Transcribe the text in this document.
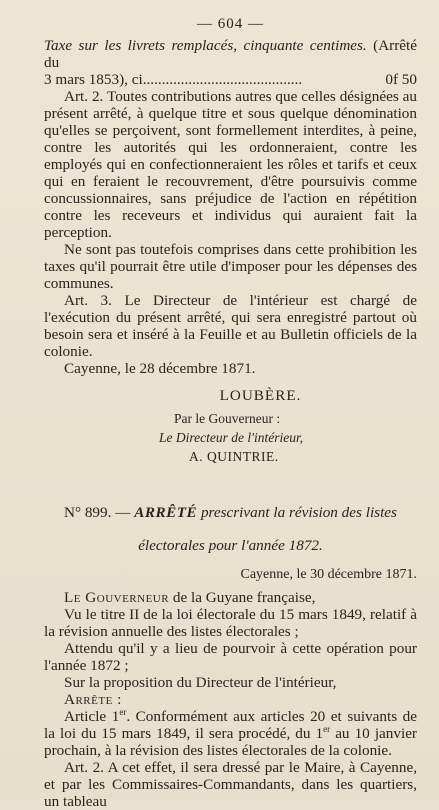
— 604 —

Taxe sur les livrets remplacés, cinquante centimes. (Arrêté du

3 mars 1853), ci ..........................................	0f 50

Art. 2. Toutes contributions autres que celles désignées au présent arrêté, à quelque titre et sous quelque dénomination qu'elles se perçoivent, sont formellement interdites, à peine, contre les autorités qui les ordonneraient, contre les employés qui en confectionneraient les rôles et tarifs et ceux qui en feraient le recouvrement, d'être poursuivis comme concussionnaires, sans préjudice de l'action en répétition contre les receveurs et individus qui auraient fait la perception.

Ne sont pas toutefois comprises dans cette prohibition les taxes qu'il pourrait être utile d'imposer pour les dépenses des communes.

Art. 3. Le Directeur de l'intérieur est chargé de l'exécution du présent arrêté, qui sera enregistré partout où besoin sera et inséré à la Feuille et au Bulletin officiels de la colonie.

Cayenne, le 28 décembre 1871.

LOUBÈRE.

Par le Gouverneur :

Le Directeur de l'intérieur,

A. QUINTRIE.

N° 899. — ARRÊTÉ prescrivant la révision des listes

électorales pour l'année 1872.
Cayenne, le 30 décembre 1871.

Le Gouverneur de la Guyane française,

Vu le titre II de la loi électorale du 15 mars 1849, relatif à la révision annuelle des listes électorales ;

Attendu qu'il y a lieu de pourvoir à cette opération pour l'année 1872 ;

Sur la proposition du Directeur de l'intérieur,

Arrête :

Article 1er. Conformément aux articles 20 et suivants de la loi du 15 mars 1849, il sera procédé, du 1er au 10 janvier prochain, à la révision des listes électorales de la colonie.

Art. 2. A cet effet, il sera dressé par le Maire, à Cayenne, et par les Commissaires-Commandants, dans les quartiers, un tableau
